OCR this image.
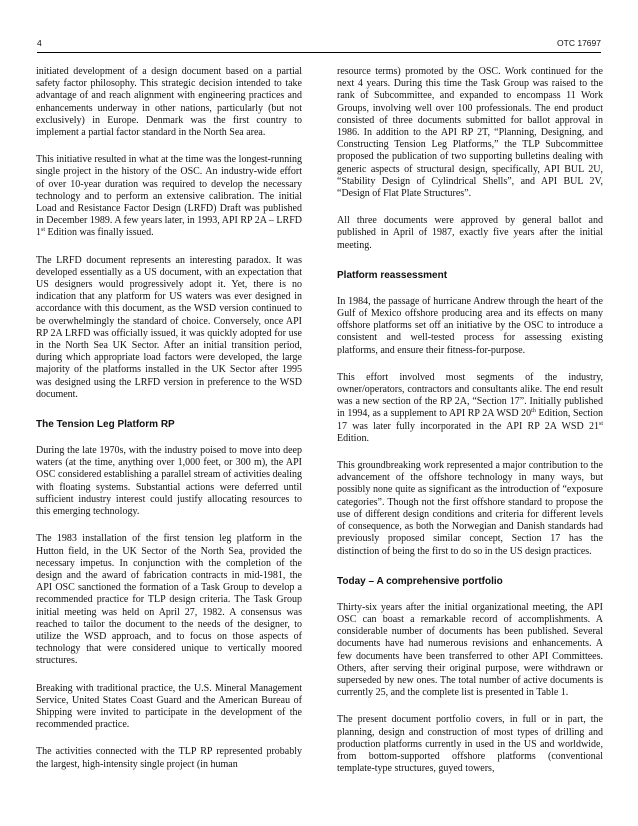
4	OTC 17697

initiated development of a design document based on a partial safety factor philosophy. This strategic decision intended to take advantage of and reach alignment with engineering practices and enhancements underway in other nations, particularly (but not exclusively) in Europe. Denmark was the first country to implement a partial factor standard in the North Sea area.

This initiative resulted in what at the time was the longest-running single project in the history of the OSC. An industry-wide effort of over 10-year duration was required to develop the necessary technology and to perform an extensive calibration. The initial Load and Resistance Factor Design (LRFD) Draft was published in December 1989. A few years later, in 1993, API RP 2A – LRFD 1st Edition was finally issued.

The LRFD document represents an interesting paradox. It was developed essentially as a US document, with an expectation that US designers would progressively adopt it. Yet, there is no indication that any platform for US waters was ever designed in accordance with this document, as the WSD version continued to be overwhelmingly the standard of choice. Conversely, once API RP 2A LRFD was officially issued, it was quickly adopted for use in the North Sea UK Sector. After an initial transition period, during which appropriate load factors were developed, the large majority of the platforms installed in the UK Sector after 1995 was designed using the LRFD version in preference to the WSD document.

The Tension Leg Platform RP

During the late 1970s, with the industry poised to move into deep waters (at the time, anything over 1,000 feet, or 300 m), the API OSC considered establishing a parallel stream of activities dealing with floating systems. Substantial actions were deferred until sufficient industry interest could justify allocating resources to this emerging technology.

The 1983 installation of the first tension leg platform in the Hutton field, in the UK Sector of the North Sea, provided the necessary impetus. In conjunction with the completion of the design and the award of fabrication contracts in mid-1981, the API OSC sanctioned the formation of a Task Group to develop a recommended practice for TLP design criteria. The Task Group initial meeting was held on April 27, 1982. A consensus was reached to tailor the document to the needs of the designer, to utilize the WSD approach, and to focus on those aspects of technology that were considered unique to vertically moored structures.

Breaking with traditional practice, the U.S. Mineral Management Service, United States Coast Guard and the American Bureau of Shipping were invited to participate in the development of the recommended practice.

The activities connected with the TLP RP represented probably the largest, high-intensity single project (in human

resource terms) promoted by the OSC. Work continued for the next 4 years. During this time the Task Group was raised to the rank of Subcommittee, and expanded to encompass 11 Work Groups, involving well over 100 professionals. The end product consisted of three documents submitted for ballot approval in 1986. In addition to the API RP 2T, “Planning, Designing, and Constructing Tension Leg Platforms,” the TLP Subcommittee proposed the publication of two supporting bulletins dealing with generic aspects of structural design, specifically, API BUL 2U, “Stability Design of Cylindrical Shells”, and API BUL 2V, “Design of Flat Plate Structures”.

All three documents were approved by general ballot and published in April of 1987, exactly five years after the initial meeting.

Platform reassessment

In 1984, the passage of hurricane Andrew through the heart of the Gulf of Mexico offshore producing area and its effects on many offshore platforms set off an initiative by the OSC to introduce a consistent and well-tested process for assessing existing platforms, and ensure their fitness-for-purpose.

This effort involved most segments of the industry, owner/operators, contractors and consultants alike. The end result was a new section of the RP 2A, “Section 17”. Initially published in 1994, as a supplement to API RP 2A WSD 20th Edition, Section 17 was later fully incorporated in the API RP 2A WSD 21st Edition.

This groundbreaking work represented a major contribution to the advancement of the offshore technology in many ways, but possibly none quite as significant as the introduction of “exposure categories”. Though not the first offshore standard to propose the use of different design conditions and criteria for different levels of consequence, as both the Norwegian and Danish standards had previously proposed similar concept, Section 17 has the distinction of being the first to do so in the US design practices.

Today – A comprehensive portfolio

Thirty-six years after the initial organizational meeting, the API OSC can boast a remarkable record of accomplishments. A considerable number of documents has been published. Several documents have had numerous revisions and enhancements. A few documents have been transferred to other API Committees. Others, after serving their original purpose, were withdrawn or superseded by new ones. The total number of active documents is currently 25, and the complete list is presented in Table 1.

The present document portfolio covers, in full or in part, the planning, design and construction of most types of drilling and production platforms currently in used in the US and worldwide, from bottom-supported offshore platforms (conventional template-type structures, guyed towers,
